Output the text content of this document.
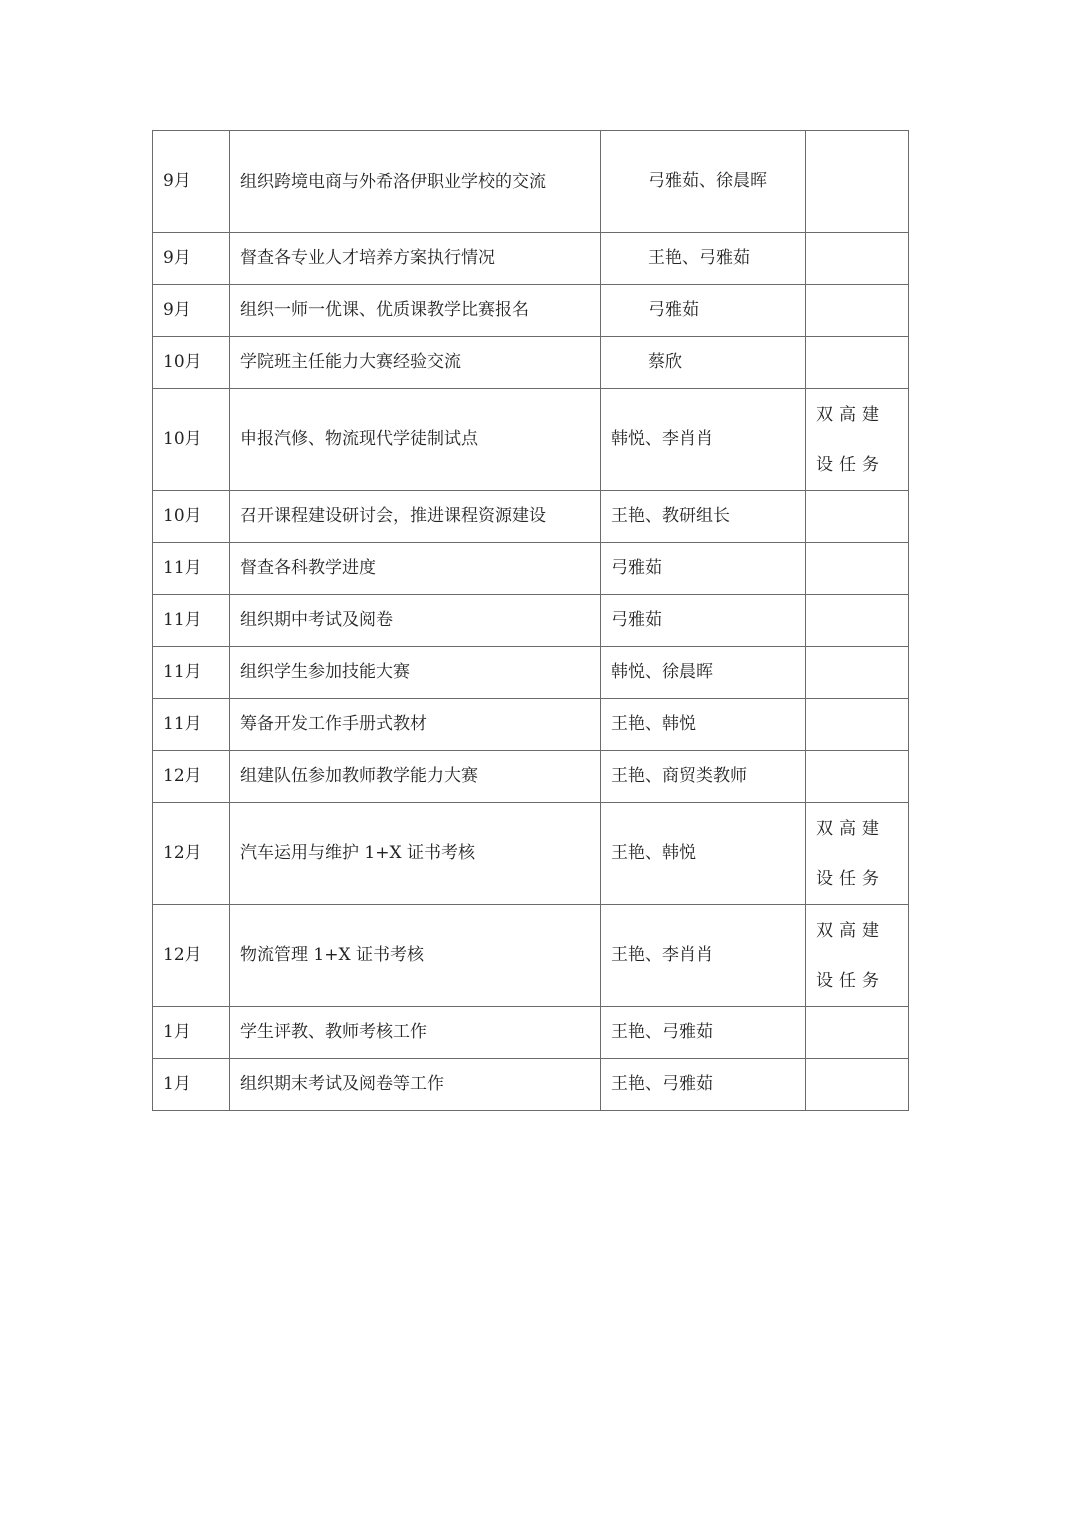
9月	组织跨境电商与外希洛伊职业学校的交流	弓雅茹、徐晨晖	

9月	督查各专业人才培养方案执行情况	王艳、弓雅茹	
9月	组织一师一优课、优质课教学比赛报名	弓雅茹	
10月	学院班主任能力大赛经验交流	蔡欣	
10月	申报汽修、物流现代学徒制试点	韩悦、李肖肖	双高建设任务

10月	召开课程建设研讨会，推进课程资源建设	王艳、教研组长	
11月	督查各科教学进度	弓雅茹	
11月	组织期中考试及阅卷	弓雅茹	
11月	组织学生参加技能大赛	韩悦、徐晨晖	
11月	筹备开发工作手册式教材	王艳、韩悦	
12月	组建队伍参加教师教学能力大赛	王艳、商贸类教师	
12月	汽车运用与维护 1+X 证书考核	王艳、韩悦	双高建设任务

12月	物流管理 1+X 证书考核	王艳、李肖肖	双高建设任务

1月	学生评教、教师考核工作	王艳、弓雅茹	
1月	组织期末考试及阅卷等工作	王艳、弓雅茹	
